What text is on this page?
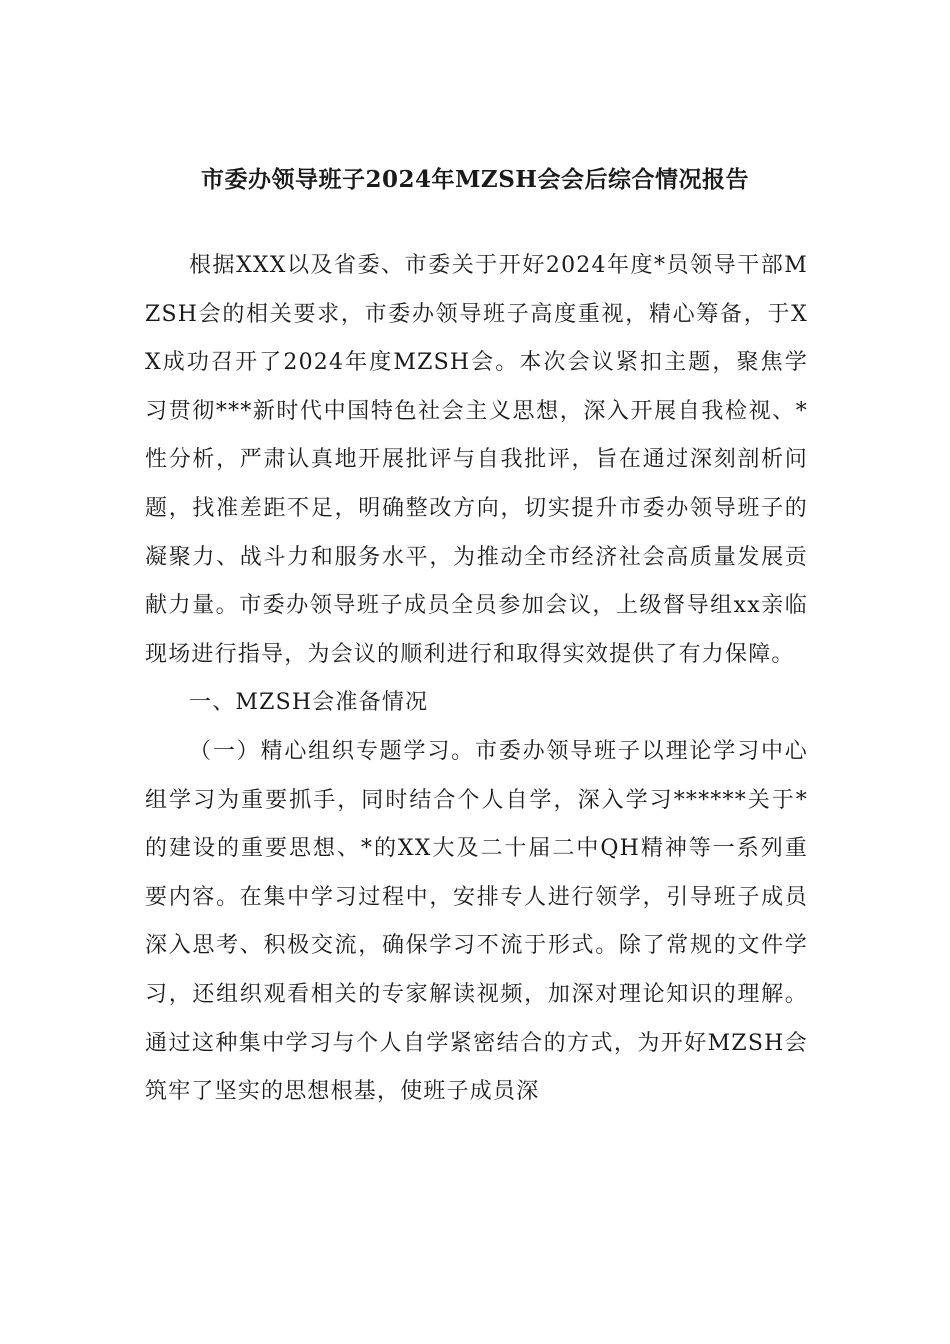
市委办领导班子2024年MZSH会会后综合情况报告

根据XXX以及省委、市委关于开好2024年度*员领导干部MZSH会的相关要求，市委办领导班子高度重视，精心筹备，于XX成功召开了2024年度MZSH会。本次会议紧扣主题，聚焦学习贯彻***新时代中国特色社会主义思想，深入开展自我检视、*性分析，严肃认真地开展批评与自我批评，旨在通过深刻剖析问题，找准差距不足，明确整改方向，切实提升市委办领导班子的凝聚力、战斗力和服务水平，为推动全市经济社会高质量发展贡献力量。市委办领导班子成员全员参加会议，上级督导组xx亲临现场进行指导，为会议的顺利进行和取得实效提供了有力保障。

一、MZSH会准备情况

（一）精心组织专题学习。市委办领导班子以理论学习中心组学习为重要抓手，同时结合个人自学，深入学习******关于*的建设的重要思想、*的XX大及二十届二中QH精神等一系列重要内容。在集中学习过程中，安排专人进行领学，引导班子成员深入思考、积极交流，确保学习不流于形式。除了常规的文件学习，还组织观看相关的专家解读视频，加深对理论知识的理解。通过这种集中学习与个人自学紧密结合的方式，为开好MZSH会筑牢了坚实的思想根基，使班子成员深
